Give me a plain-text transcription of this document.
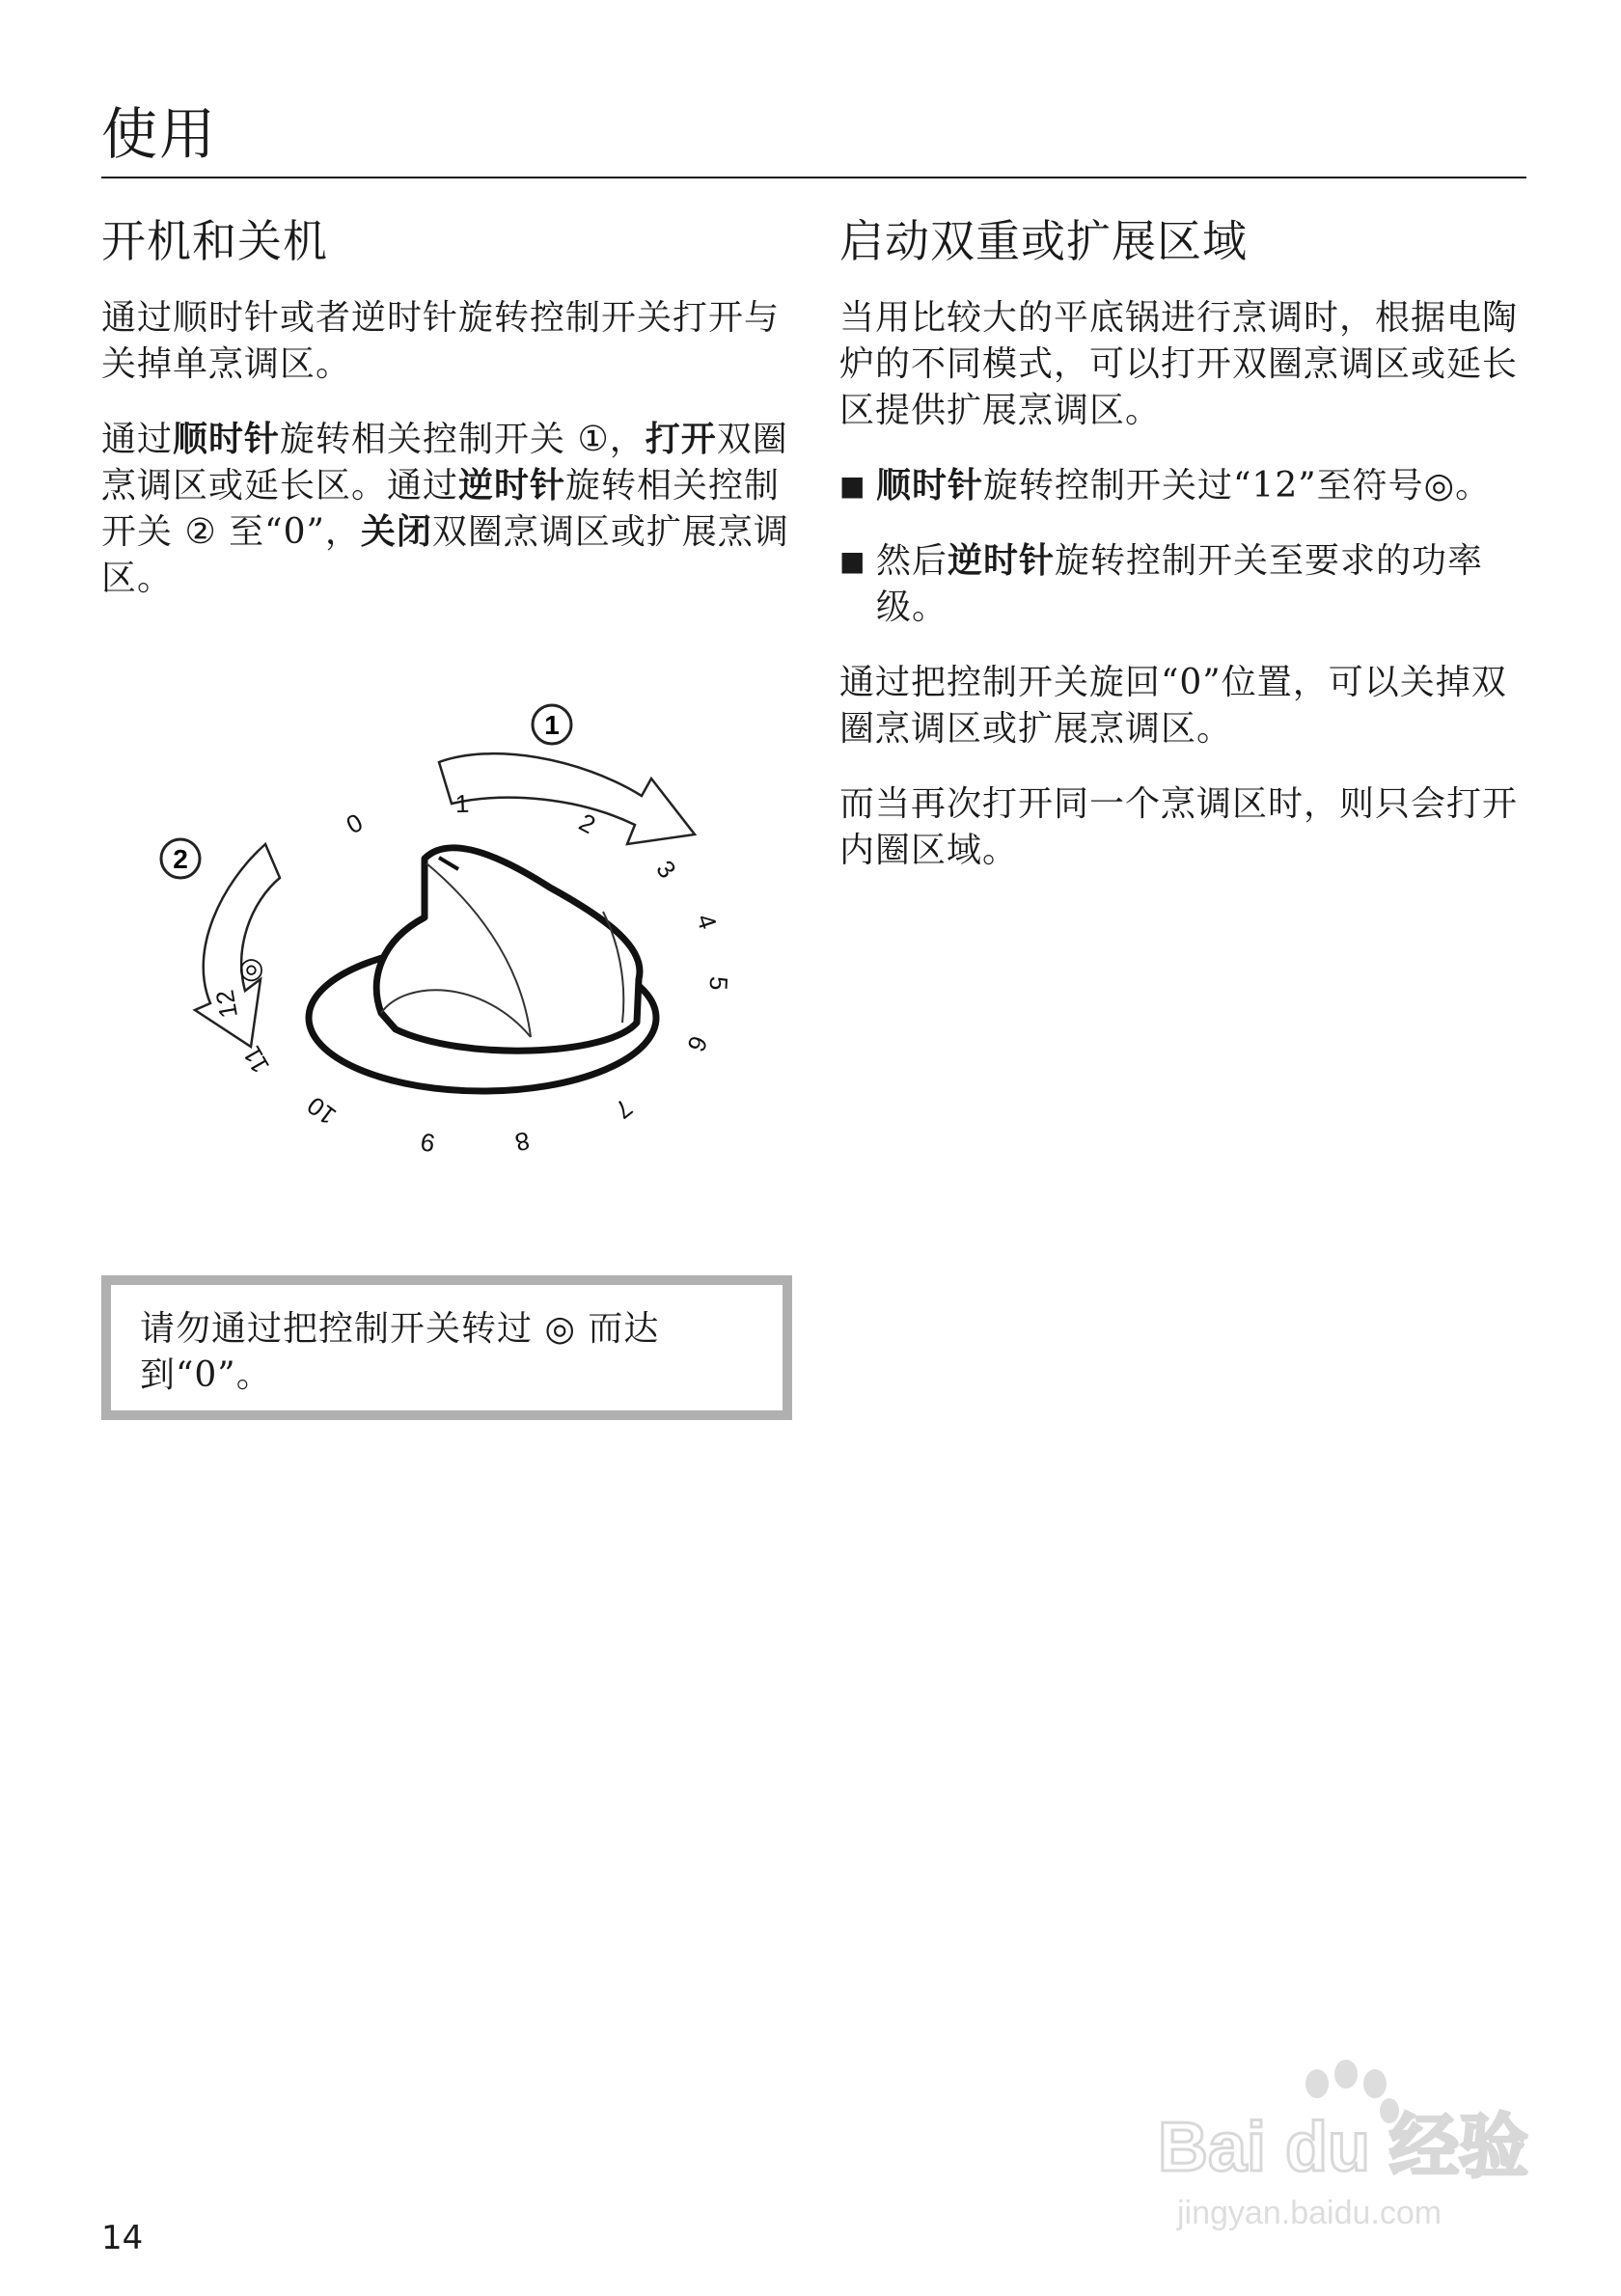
使用
开机和关机

通过顺时针或者逆时针旋转控制开关打开与关掉单烹调区。

通过顺时针旋转相关控制开关 ①，打开双圈烹调区或延长区。通过逆时针旋转相关控制开关 ② 至“0”，关闭双圈烹调区或扩展烹调区。

1
2
0
1
2
3
4
5
6
7
8
9
10
11
12
◎

请勿通过把控制开关转过 ◎ 而达到“0”。

启动双重或扩展区域

当用比较大的平底锅进行烹调时，根据电陶炉的不同模式，可以打开双圈烹调区或延长区提供扩展烹调区。

■ 顺时针旋转控制开关过“12”至符号◎。
■ 然后逆时针旋转控制开关至要求的功率级。

通过把控制开关旋回“0”位置，可以关掉双圈烹调区或扩展烹调区。

而当再次打开同一个烹调区时，则只会打开内圈区域。

14
Bai du 经验
jingyan.baidu.com
